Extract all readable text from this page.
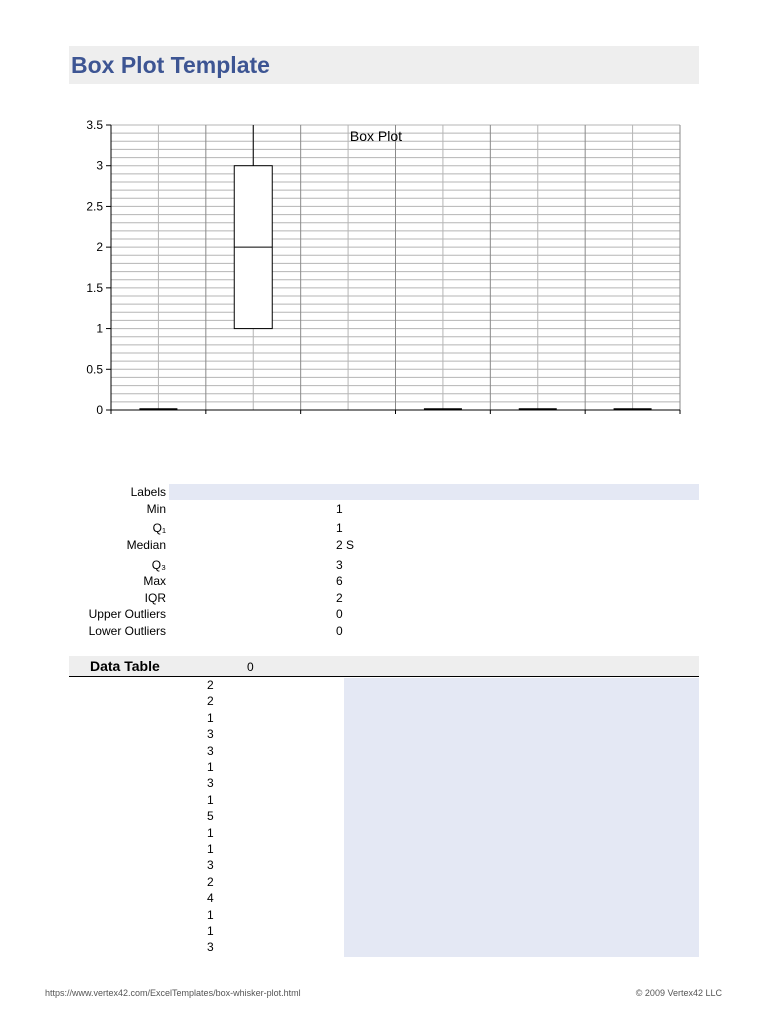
Box Plot Template
0
0.5
1
1.5
2
2.5
3
3.5
Box Plot
Labels
Min	1
Q₁	1
Median	2 S
Q₃	3
Max	6
IQR	2
Upper Outliers	0
Lower Outliers	0
Data Table	0
2
2
1
3
3
1
3
1
5
1
1
3
2
4
1
1
3
https://www.vertex42.com/ExcelTemplates/box-whisker-plot.html	© 2009 Vertex42 LLC
